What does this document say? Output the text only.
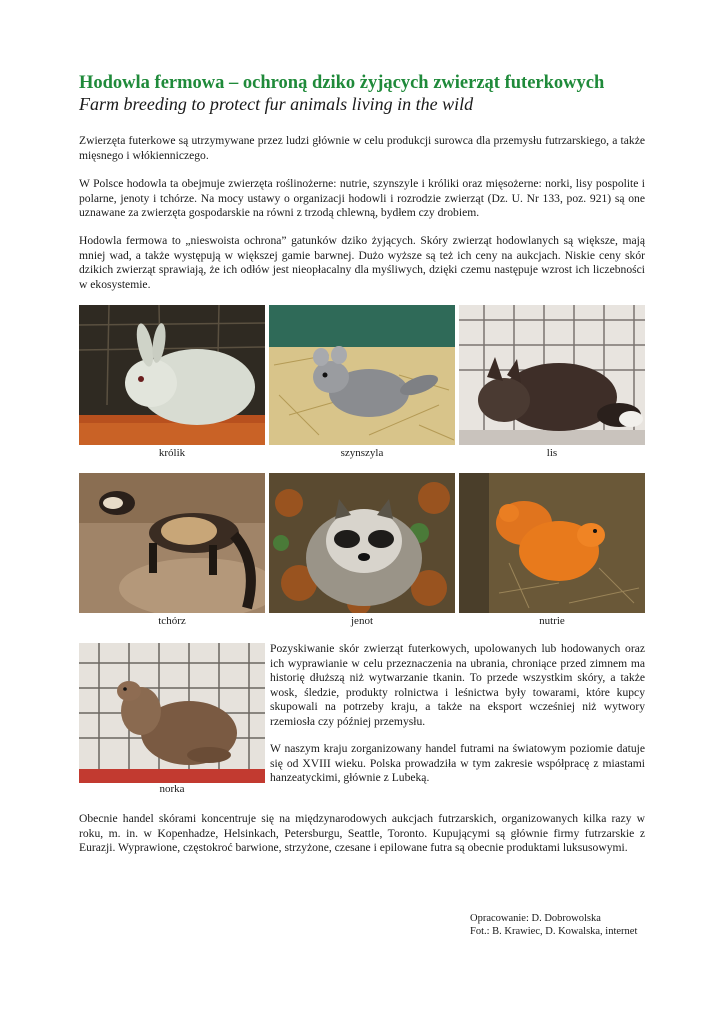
Hodowla fermowa – ochroną dziko żyjących zwierząt futerkowych
Farm breeding to protect fur animals living in the wild

Zwierzęta futerkowe są utrzymywane przez ludzi głównie w celu produkcji surowca dla przemysłu futrzarskiego, a także mięsnego i włókienniczego.

W Polsce hodowla ta obejmuje zwierzęta roślinożerne: nutrie, szynszyle i króliki oraz mięsożerne: norki, lisy pospolite i polarne, jenoty i tchórze. Na mocy ustawy o organizacji hodowli i rozrodzie zwierząt (Dz. U. Nr 133, poz. 921) są one uznawane za zwierzęta gospodarskie na równi z trzodą chlewną, bydłem czy drobiem.

Hodowla fermowa to „nieswoista ochrona” gatunków dziko żyjących. Skóry zwierząt hodowlanych są większe, mają mniej wad, a także występują w większej gamie barwnej. Dużo wyższe są też ich ceny na aukcjach. Niskie ceny skór dzikich zwierząt sprawiają, że ich odłów jest nieopłacalny dla myśliwych, dzięki czemu następuje wzrost ich liczebności w ekosystemie.

królik	szynszyla	lis
tchórz	jenot	nutrie
norka

Pozyskiwanie skór zwierząt futerkowych, upolowanych lub hodowanych oraz ich wyprawianie w celu przeznaczenia na ubrania, chroniące przed zimnem ma historię dłuższą niż wytwarzanie tkanin. To przede wszystkim skóry, a także wosk, śledzie, produkty rolnictwa i leśnictwa były towarami, które kupcy skupowali na potrzeby kraju, a także na eksport wcześniej niż wytwory rzemiosła czy później przemysłu.

W naszym kraju zorganizowany handel futrami na światowym poziomie datuje się od XVIII wieku. Polska prowadziła w tym zakresie współpracę z miastami hanzeatyckimi, głównie z Lubeką.

Obecnie handel skórami koncentruje się na międzynarodowych aukcjach futrzarskich, organizowanych kilka razy w roku, m. in. w Kopenhadze, Helsinkach, Petersburgu, Seattle, Toronto. Kupującymi są głównie firmy futrzarskie z Eurazji. Wyprawione, częstokroć barwione, strzyżone, czesane i epilowane futra są obecnie produktami luksusowymi.

Opracowanie: D. Dobrowolska
Fot.: B. Krawiec, D. Kowalska, internet
